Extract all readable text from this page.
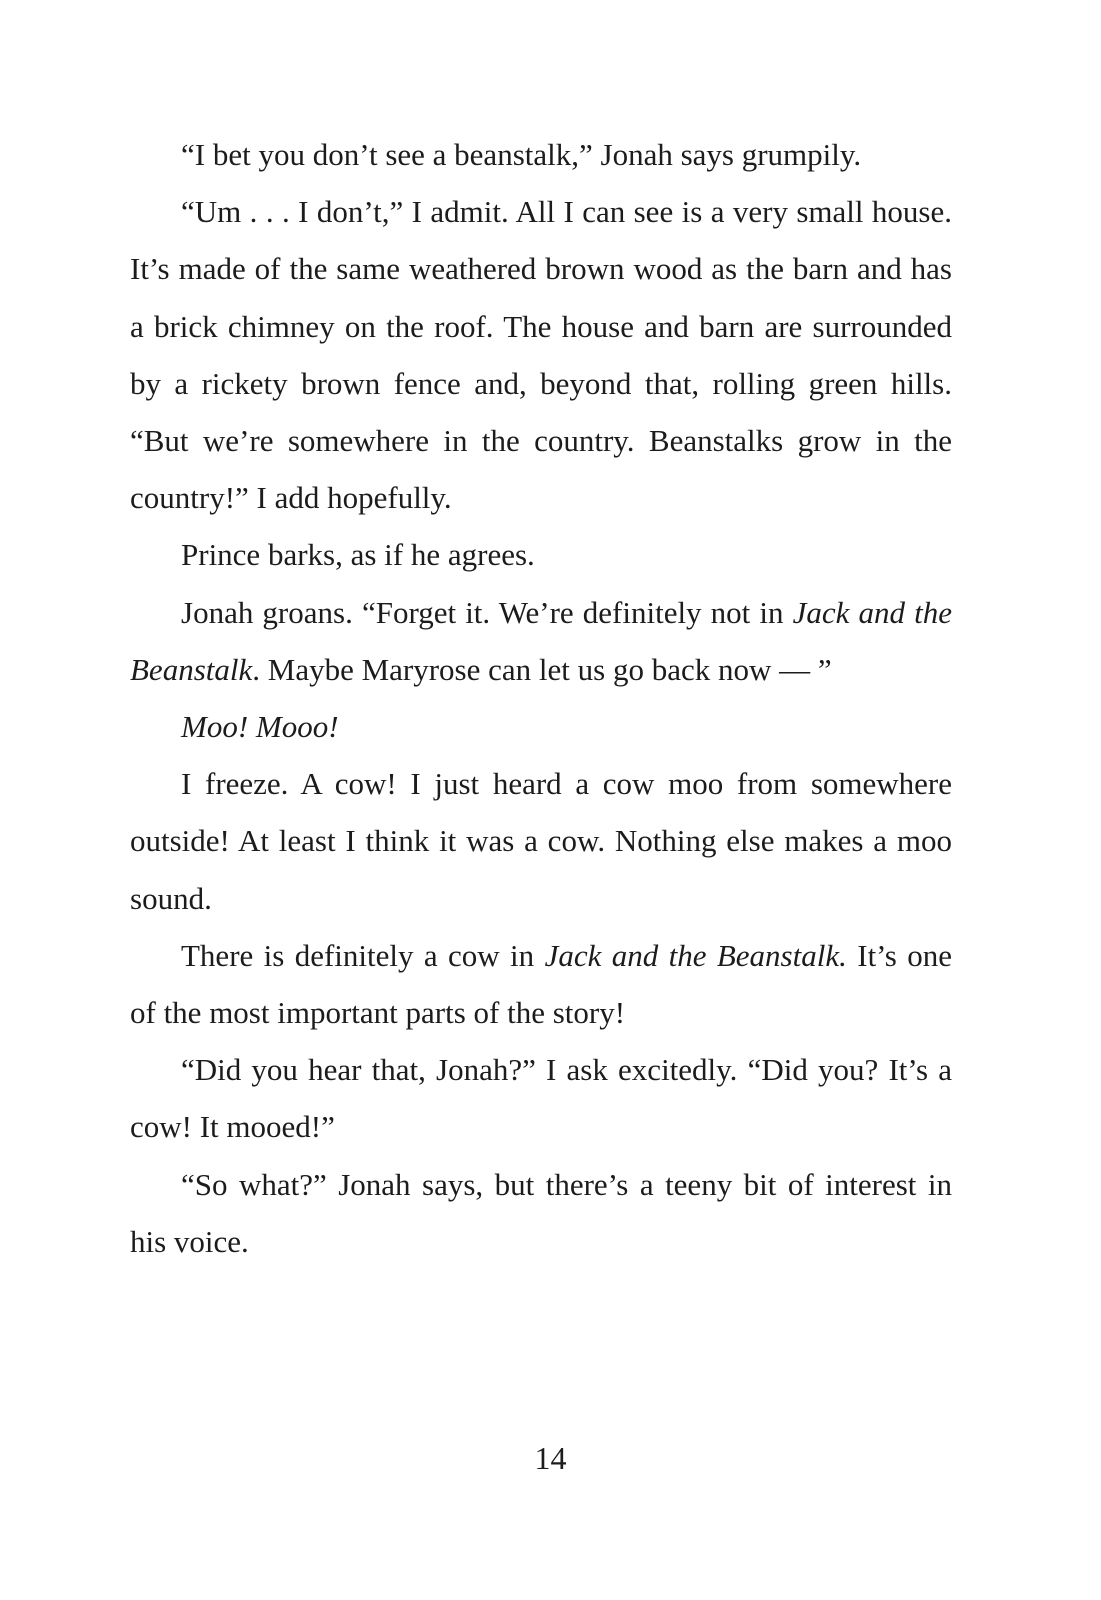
“I bet you don’t see a beanstalk,” Jonah says grumpily.

“Um . . . I don’t,” I admit. All I can see is a very small house. It’s made of the same weathered brown wood as the barn and has a brick chimney on the roof. The house and barn are surrounded by a rickety brown fence and, beyond that, rolling green hills. “But we’re somewhere in the country. Beanstalks grow in the country!” I add hopefully.

Prince barks, as if he agrees.

Jonah groans. “Forget it. We’re definitely not in Jack and the Beanstalk. Maybe Maryrose can let us go back now — ”

Moo! Mooo!

I freeze. A cow! I just heard a cow moo from somewhere outside! At least I think it was a cow. Nothing else makes a moo sound.

There is definitely a cow in Jack and the Beanstalk. It’s one of the most important parts of the story!

“Did you hear that, Jonah?” I ask excitedly. “Did you? It’s a cow! It mooed!”

“So what?” Jonah says, but there’s a teeny bit of interest in his voice.

14
